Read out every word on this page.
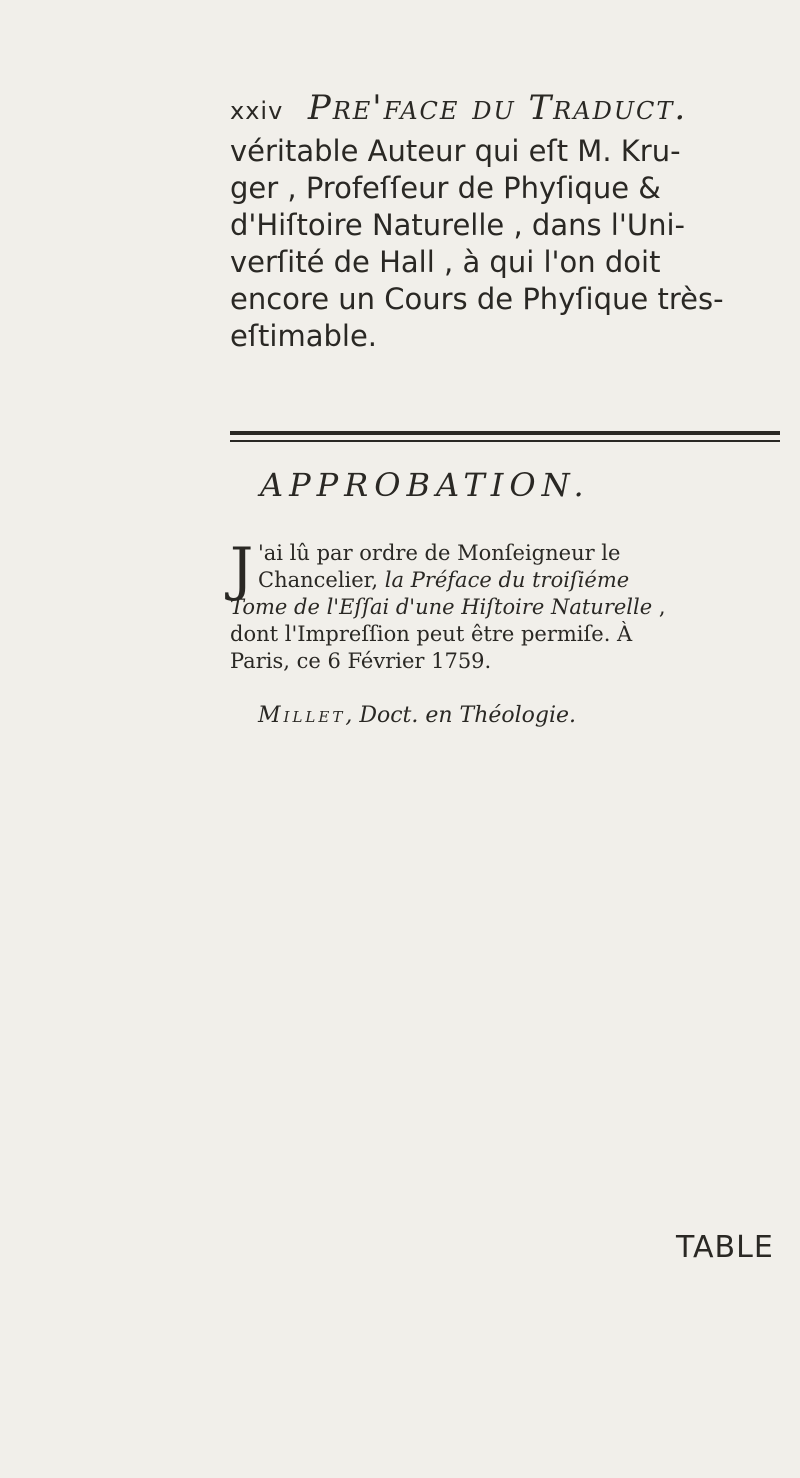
xxiv Pre'face du Traduct.

véritable Auteur qui eſt M. Kru-
ger , Profeſſeur de Phyſique &
d'Hiſtoire Naturelle , dans l'Uni-
verſité de Hall , à qui l'on doit
encore un Cours de Phyſique très-
eſtimable.

APPROBATION.
J 'ai lû par ordre de Monſeigneur le
Chancelier, la Préface du troiſiéme
Tome de l'Eſſai d'une Hiſtoire Naturelle ,
dont l'Impreſſion peut être permiſe. À
Paris, ce 6 Février 1759.
Millet, Doct. en Théologie.
TABLE
